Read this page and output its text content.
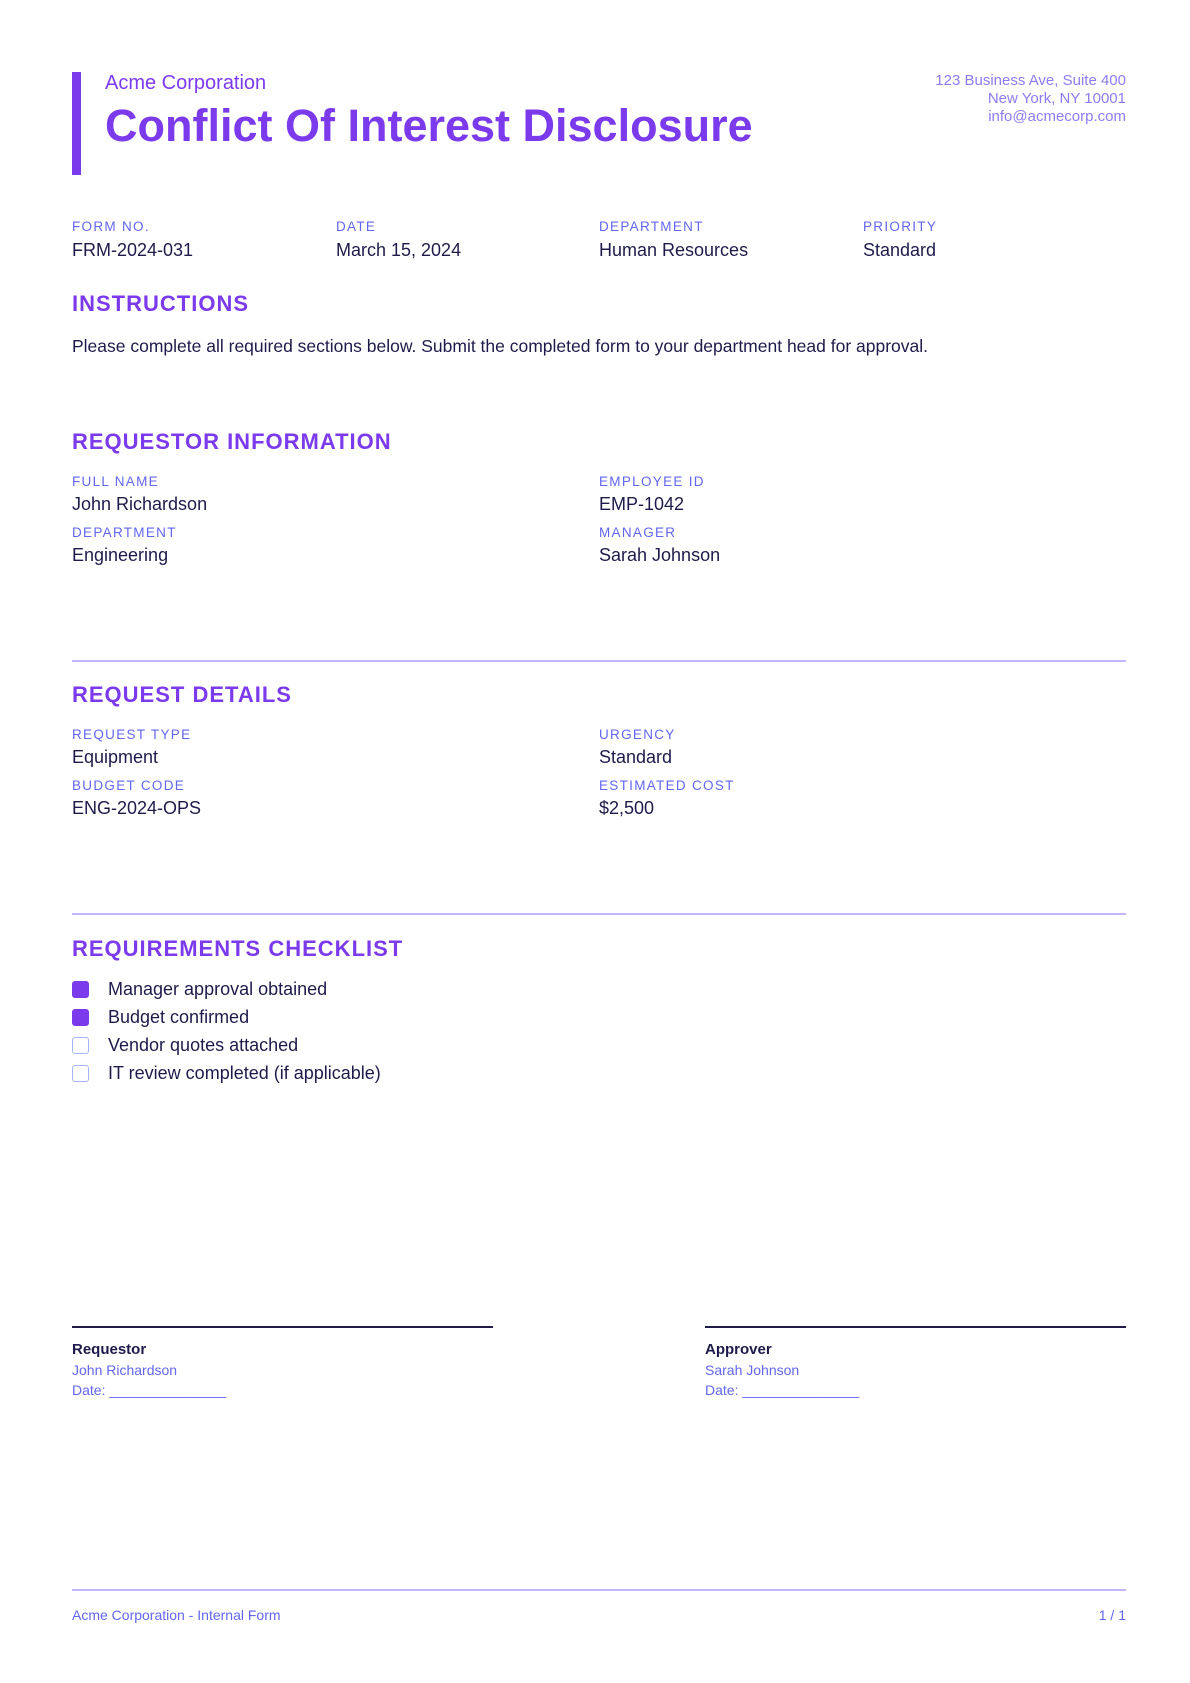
Acme Corporation
Conflict Of Interest Disclosure
123 Business Ave, Suite 400
New York, NY 10001
info@acmecorp.com
FORM NO.
FRM-2024-031
DATE
March 15, 2024
DEPARTMENT
Human Resources
PRIORITY
Standard
INSTRUCTIONS
Please complete all required sections below. Submit the completed form to your department head for approval.
REQUESTOR INFORMATION
FULL NAME
John Richardson
EMPLOYEE ID
EMP-1042
DEPARTMENT
Engineering
MANAGER
Sarah Johnson
REQUEST DETAILS
REQUEST TYPE
Equipment
URGENCY
Standard
BUDGET CODE
ENG-2024-OPS
ESTIMATED COST
$2,500
REQUIREMENTS CHECKLIST
Manager approval obtained
Budget confirmed
Vendor quotes attached
IT review completed (if applicable)
Requestor
John Richardson
Date: _______________
Approver
Sarah Johnson
Date: _______________
Acme Corporation - Internal Form	1 / 1
